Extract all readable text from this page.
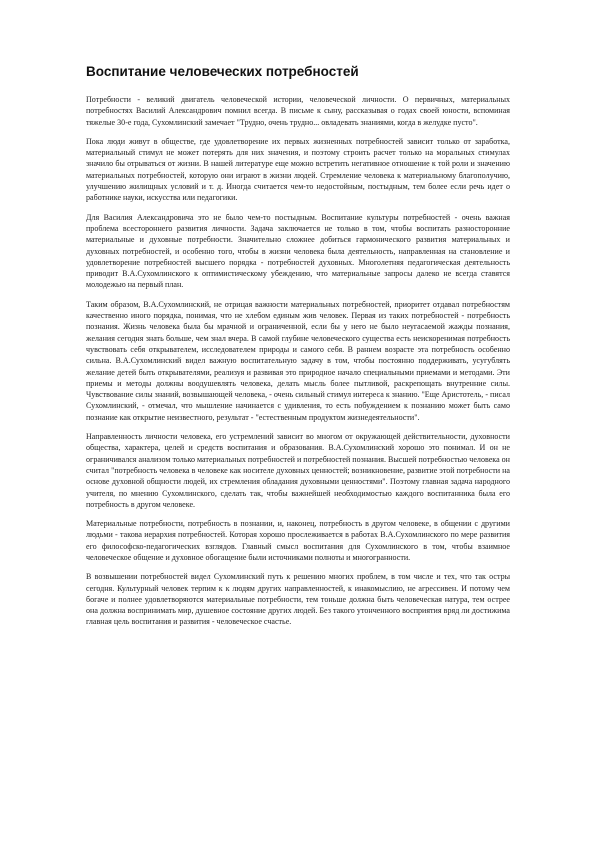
Воспитание человеческих потребностей

Потребности - великий двигатель человеческой истории, человеческой личности. О первичных, материальных потребностях Василий Александрович помнил всегда. В письме к сыну, рассказывая о годах своей юности, вспоминая тяжелые 30-е года, Сухомлинский замечает "Трудно, очень трудно... овладевать знаниями, когда в желудке пусто".

Пока люди живут в обществе, где удовлетворение их первых жизненных потребностей зависит только от заработка, материальный стимул не может потерять для них значения, и поэтому строить расчет только на моральных стимулах значило бы отрываться от жизни. В нашей литературе еще можно встретить негативное отношение к той роли и значению материальных потребностей, которую они играют в жизни людей. Стремление человека к материальному благополучию, улучшению жилищных условий и т. д. Иногда считается чем-то недостойным, постыдным, тем более если речь идет о работнике науки, искусства или педагогики.

Для Василия Александровича это не было чем-то постыдным. Воспитание культуры потребностей - очень важная проблема всестороннего развития личности. Задача заключается не только в том, чтобы воспитать разносторонние материальные и духовные потребности. Значительно сложнее добиться гармонического развития материальных и духовных потребностей, и особенно того, чтобы в жизни человека была деятельность, направленная на становление и удовлетворение потребностей высшего порядка - потребностей духовных. Многолетняя педагогическая деятельность приводит В.А.Сухомлинского к оптимистическому убеждению, что материальные запросы далеко не всегда ставятся молодежью на первый план.

Таким образом, В.А.Сухомлинский, не отрицая важности материальных потребностей, приоритет отдавал потребностям качественно иного порядка, понимая, что не хлебом единым жив человек. Первая из таких потребностей - потребность познания. Жизнь человека была бы мрачной и ограниченной, если бы у него не было неугасаемой жажды познания, желания сегодня знать больше, чем знал вчера. В самой глубине человеческого существа есть неискоренимая потребность чувствовать себя открывателем, исследователем природы и самого себя. В раннем возрасте эта потребность особенно сильна. В.А.Сухомлинский видел важную воспитательную задачу в том, чтобы постоянно поддерживать, усугублять желание детей быть открывателями, реализуя и развивая это природное начало специальными приемами и методами. Эти приемы и методы должны воодушевлять человека, делать мысль более пытливой, раскрепощать внутренние силы. Чувствование силы знаний, возвышающей человека, - очень сильный стимул интереса к знанию. "Еще Аристотель, - писал Сухомлинский, - отмечал, что мышление начинается с удивления, то есть побуждением к познанию может быть само познание как открытие неизвестного, результат - "естественным продуктом жизнедеятельности".

Направленность личности человека, его устремлений зависит во многом от окружающей действительности, духовности общества, характера, целей и средств воспитания и образования. В.А.Сухомлинский хорошо это понимал. И он не ограничивался анализом только материальных потребностей и потребностей познания. Высшей потребностью человека он считал "потребность человека в человеке как носителе духовных ценностей; возникновение, развитие этой потребности на основе духовной общности людей, их стремления обладания духовными ценностями". Поэтому главная задача народного учителя, по мнению Сухомлинского, сделать так, чтобы важнейшей необходимостью каждого воспитанника была его потребность в другом человеке.

Материальные потребности, потребность в познании, и, наконец, потребность в другом человеке, в общении с другими людьми - такова иерархия потребностей. Которая хорошо прослеживается в работах В.А.Сухомлинского по мере развития его философско-педагогических взглядов. Главный смысл воспитания для Сухомлинского в том, чтобы взаимное человеческое общение и духовное обогащение были источниками полноты и многогранности.

В возвышении потребностей видел Сухомлинский путь к решению многих проблем, в том числе и тех, что так остры сегодня. Культурный человек терпим к к людям других направленностей, к инакомыслию, не агрессивен. И потому чем богаче и полнее удовлетворяются материальные потребности, тем тоньше должна быть человеческая натура, тем острее она должна воспринимать мир, душевное состояние других людей. Без такого утонченного восприятия вряд ли достижима главная цель воспитания и развития - человеческое счастье.
